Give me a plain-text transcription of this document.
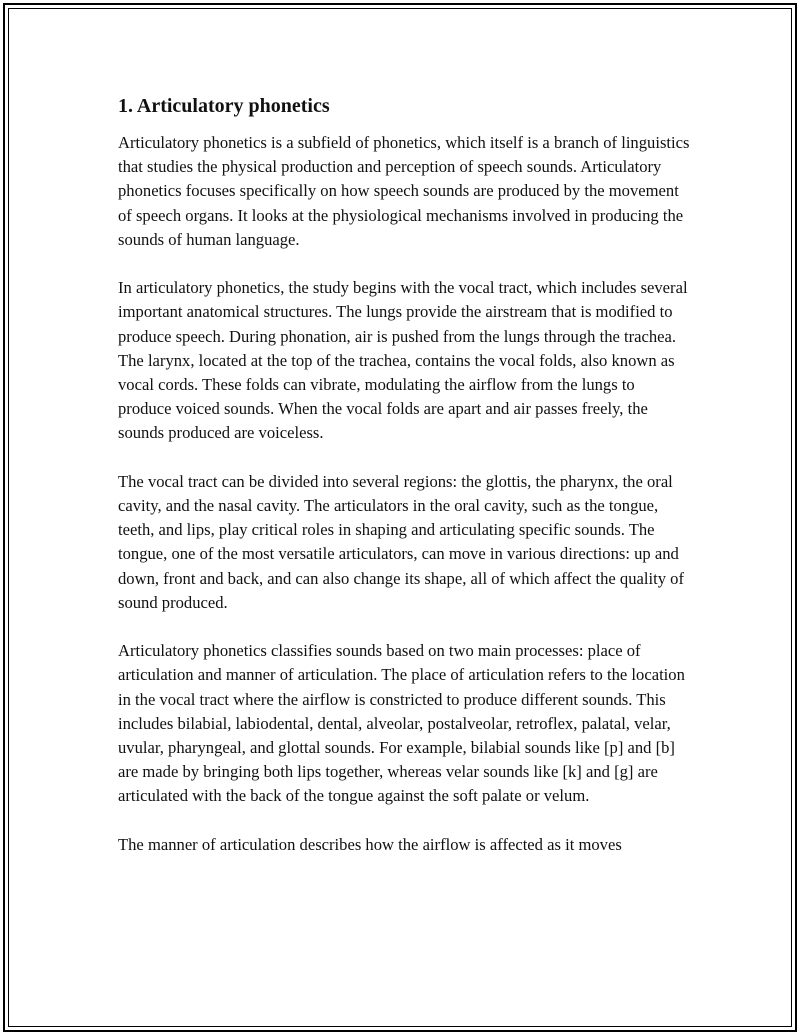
1. Articulatory phonetics

Articulatory phonetics is a subfield of phonetics, which itself is a branch of linguistics that studies the physical production and perception of speech sounds. Articulatory phonetics focuses specifically on how speech sounds are produced by the movement of speech organs. It looks at the physiological mechanisms involved in producing the sounds of human language.

In articulatory phonetics, the study begins with the vocal tract, which includes several important anatomical structures. The lungs provide the airstream that is modified to produce speech. During phonation, air is pushed from the lungs through the trachea. The larynx, located at the top of the trachea, contains the vocal folds, also known as vocal cords. These folds can vibrate, modulating the airflow from the lungs to produce voiced sounds. When the vocal folds are apart and air passes freely, the sounds produced are voiceless.

The vocal tract can be divided into several regions: the glottis, the pharynx, the oral cavity, and the nasal cavity. The articulators in the oral cavity, such as the tongue, teeth, and lips, play critical roles in shaping and articulating specific sounds. The tongue, one of the most versatile articulators, can move in various directions: up and down, front and back, and can also change its shape, all of which affect the quality of sound produced.

Articulatory phonetics classifies sounds based on two main processes: place of articulation and manner of articulation. The place of articulation refers to the location in the vocal tract where the airflow is constricted to produce different sounds. This includes bilabial, labiodental, dental, alveolar, postalveolar, retroflex, palatal, velar, uvular, pharyngeal, and glottal sounds. For example, bilabial sounds like [p] and [b] are made by bringing both lips together, whereas velar sounds like [k] and [g] are articulated with the back of the tongue against the soft palate or velum.

The manner of articulation describes how the airflow is affected as it moves
